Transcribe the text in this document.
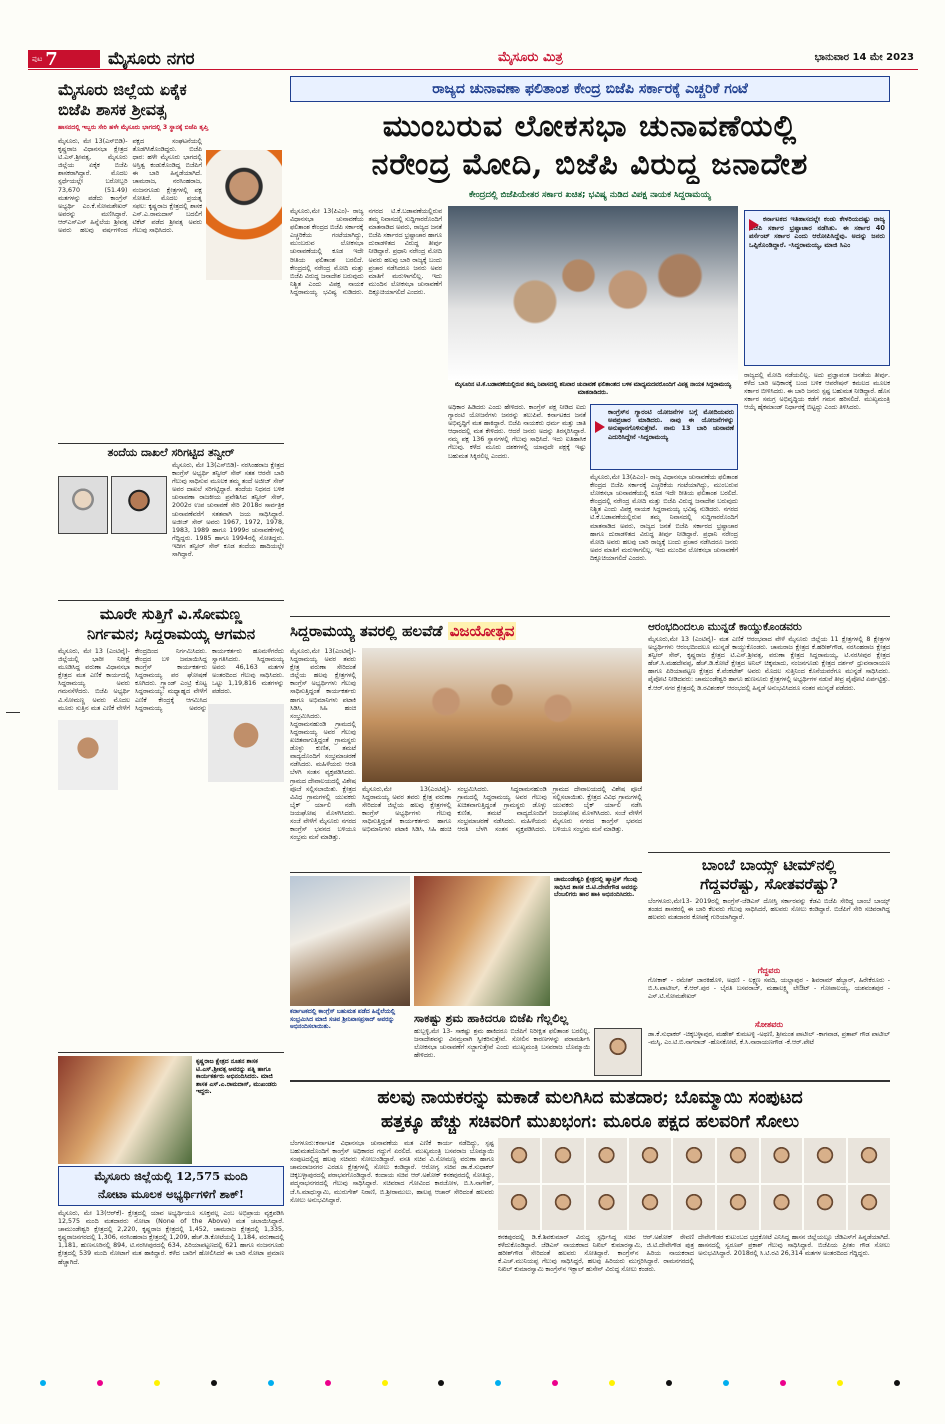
ಪುಟ 7	ಮೈಸೂರು ನಗರ	ಮೈಸೂರು ಮಿತ್ರ	ಭಾನುವಾರ 14 ಮೇ 2023
ಮೈಸೂರು ಜಿಲ್ಲೆಯ ಏಕೈಕ
ಬಿಜೆಪಿ ಶಾಸಕ ಶ್ರೀವತ್ಸ
ಹಾಸನದಲ್ಲಿ ಇಬ್ಬರು ಸೇರಿ ಹಳೇ ಮೈಸೂರು ಭಾಗದಲ್ಲಿ 3 ಸ್ಥಾನಕ್ಕೆ ಬಿಜೆಪಿ ತೃಪ್ತಿ
ಮೈಸೂರು, ಮೇ 13(ಎಸ್‌ಬಿಡಿ)- ಕೃಷ್ಣರಾಜ ವಿಧಾನಸಭಾ ಕ್ಷೇತ್ರದ ಟಿ.ಎಸ್.ಶ್ರೀವತ್ಸ, ಮೈಸೂರು ಜಿಲ್ಲೆಯ ಏಕೈಕ ಬಿಜೆಪಿ ಶಾಸಕರಾಗಿದ್ದಾರೆ. ಮೊದಲ ಸ್ಪರ್ಧೆಯಲ್ಲೇ ಬರೋಬ್ಬರಿ 73,670 (51.49) ಮತಗಳನ್ನು ಪಡೆದು ಕಾಂಗ್ರೆಸ್ ಅಭ್ಯರ್ಥಿ ಎಂ.ಕೆ.ಸೋಮಶೇಖರ್ ಅವರನ್ನು ಮಣಿಸಿದ್ದಾರೆ. ಆರ್‌ಎಸ್‌ಎಸ್ ಹಿನ್ನೆಲೆಯ ಶ್ರೀವತ್ಸ ಅವರು ಹಲವು ವರ್ಷಗಳಿಂದ ಪಕ್ಷದ ಸಂಘಟನೆಯಲ್ಲಿ ತೊಡಗಿಸಿಕೊಂಡಿದ್ದರು. ಬಿಜೆಪಿ ಧಾರ: ಹಳೇ ಮೈಸೂರು ಭಾಗದಲ್ಲಿ ಅಸ್ತಿತ್ವ ಕಂಡುಕೊಂಡಿದ್ದ ಬಿಜೆಪಿಗೆ ಈ ಬಾರಿ ಹಿನ್ನಡೆಯಾಗಿದೆ. ಚಾಮರಾಜ, ನರಸಿಂಹರಾಜ, ನಂಜನಗೂಡು ಕ್ಷೇತ್ರಗಳಲ್ಲಿ ಪಕ್ಷ ಸೋತಿದೆ. ಮೊದಲ ಪ್ರಯತ್ನ ಸಫಲ: ಕೃಷ್ಣರಾಜ ಕ್ಷೇತ್ರದಲ್ಲಿ ಶಾಸಕ ಎಸ್.ಎ.ರಾಮದಾಸ್ ಬದಲಿಗೆ ಟಿಕೆಟ್ ಪಡೆದ ಶ್ರೀವತ್ಸ ಅವರು ಗೆಲುವು ಸಾಧಿಸಿದರು.
ತಂದೆಯ ದಾಖಲೆ ಸರಿಗಟ್ಟಿದ ತನ್ವೀರ್
ಮೈಸೂರು, ಮೇ 13(ಎಸ್‌ಬಿಡಿ)- ನರಸಿಂಹರಾಜ ಕ್ಷೇತ್ರದ ಕಾಂಗ್ರೆಸ್ ಅಭ್ಯರ್ಥಿ ತನ್ವೀರ್ ಸೇಠ್ ಸತತ ಆರನೇ ಬಾರಿ ಗೆಲುವು ಸಾಧಿಸುವ ಮೂಲಕ ತಮ್ಮ ತಂದೆ ಅಜೀಜ್ ಸೇಠ್ ಅವರ ದಾಖಲೆ ಸರಿಗಟ್ಟಿದ್ದಾರೆ. ತಂದೆಯ ನಿಧನದ ಬಳಿಕ ಚುನಾವಣಾ ರಾಜಕೀಯ ಪ್ರವೇಶಿಸಿದ ತನ್ವೀರ್ ಸೇಠ್, 2002ರ ಉಪ ಚುನಾವಣೆ ಸೇರಿ 2018ರ ಸಾರ್ವತ್ರಿಕ ಚುನಾವಣೆವರೆಗೆ ಸತತವಾಗಿ ಜಯ ಸಾಧಿಸಿದ್ದಾರೆ. ಅಜೀಜ್ ಸೇಠ್ ಅವರು 1967, 1972, 1978, 1983, 1989 ಹಾಗೂ 1999ರ ಚುನಾವಣೆಗಳಲ್ಲಿ ಗೆದ್ದಿದ್ದರು. 1985 ಹಾಗೂ 1994ರಲ್ಲಿ ಸೋತಿದ್ದರು. ಇದೀಗ ತನ್ವೀರ್ ಸೇಠ್ ಕೂಡ ತಂದೆಯ ಹಾದಿಯಲ್ಲೇ ಸಾಗಿದ್ದಾರೆ.
ಮೂರೇ ಸುತ್ತಿಗೆ ವಿ.ಸೋಮಣ್ಣ
ನಿರ್ಗಮನ; ಸಿದ್ದರಾಮಯ್ಯ ಆಗಮನ
ಮೈಸೂರು, ಮೇ 13 (ಎಂಟಿವೈ)- ಜಿಲ್ಲೆಯಲ್ಲಿ ಭಾರೀ ನಿರೀಕ್ಷೆ ಮೂಡಿಸಿದ್ದ ವರುಣಾ ವಿಧಾನಸಭಾ ಕ್ಷೇತ್ರದ ಮತ ಎಣಿಕೆ ಕಾರ್ಯದಲ್ಲಿ ಸಿದ್ದರಾಮಯ್ಯ ಅವರು ಗಮನಸೆಳೆದರು. ಬಿಜೆಪಿ ಅಭ್ಯರ್ಥಿ ವಿ.ಸೋಮಣ್ಣ ಅವರು ಮೊದಲ ಮೂರು ಸುತ್ತಿನ ಮತ ಎಣಿಕೆ ವೇಳೆಗೆ ಕೇಂದ್ರದಿಂದ ನಿರ್ಗಮಿಸಿದರು. ಕೇಂದ್ರದ ಬಳಿ ಜಮಾಯಿಸಿದ್ದ ಕಾಂಗ್ರೆಸ್ ಕಾರ್ಯಕರ್ತರು ಸಿದ್ದರಾಮಯ್ಯ ಪರ ಘೋಷಣೆ ಕೂಗಿದರು. ಗ್ರ್ಯಾಂಡ್ ಎಂಟ್ರಿ ಕೊಟ್ಟ ಸಿದ್ದರಾಮಯ್ಯ: ಮಧ್ಯಾಹ್ನದ ವೇಳೆಗೆ ಎಣಿಕೆ ಕೇಂದ್ರಕ್ಕೆ ಆಗಮಿಸಿದ ಸಿದ್ದರಾಮಯ್ಯ ಅವರನ್ನು ಕಾರ್ಯಕರ್ತರು ಹೂಮಳೆಗರೆದು ಸ್ವಾಗತಿಸಿದರು. ಸಿದ್ದರಾಮಯ್ಯ ಅವರು 46,163 ಮತಗಳ ಅಂತರದಿಂದ ಗೆಲುವು ಸಾಧಿಸಿದರು. ಒಟ್ಟು 1,19,816 ಮತಗಳನ್ನು ಪಡೆದರು.
ಕೃಷ್ಣರಾಜ ಕ್ಷೇತ್ರದ ನೂತನ ಶಾಸಕ ಟಿ.ಎಸ್.ಶ್ರೀವತ್ಸ ಅವರನ್ನು ಪತ್ನಿ ಹಾಗೂ ಕಾರ್ಯಕರ್ತರು ಅಭಿನಂದಿಸಿದರು. ಮಾಜಿ ಶಾಸಕ ಎಸ್.ಎ.ರಾಮದಾಸ್, ಮುಖಂಡರು ಇದ್ದರು.
ಮೈಸೂರು ಜಿಲ್ಲೆಯಲ್ಲಿ 12,575 ಮಂದಿ
ನೋಟಾ ಮೂಲಕ ಅಭ್ಯರ್ಥಿಗಳಿಗೆ ಶಾಕ್!
ಮೈಸೂರು, ಮೇ 13(ಆರ್‌ಕೆ)- ಕ್ಷೇತ್ರದಲ್ಲಿ ಯಾವ ಅಭ್ಯರ್ಥಿಯೂ ಸೂಕ್ತವಲ್ಲ ಎಂಬ ಅಭಿಪ್ರಾಯ ವ್ಯಕ್ತಪಡಿಸಿ 12,575 ಮಂದಿ ಮತದಾರರು ನೋಟಾ (None of the Above) ಮತ ಚಲಾಯಿಸಿದ್ದಾರೆ. ಚಾಮುಂಡೇಶ್ವರಿ ಕ್ಷೇತ್ರದಲ್ಲಿ 2,220, ಕೃಷ್ಣರಾಜ ಕ್ಷೇತ್ರದಲ್ಲಿ 1,452, ಚಾಮರಾಜ ಕ್ಷೇತ್ರದಲ್ಲಿ 1,335, ಕೃಷ್ಣರಾಜನಗರದಲ್ಲಿ 1,306, ನರಸಿಂಹರಾಜ ಕ್ಷೇತ್ರದಲ್ಲಿ 1,209, ಹೆಚ್.ಡಿ.ಕೋಟೆಯಲ್ಲಿ 1,184, ವರುಣಾದಲ್ಲಿ 1,181, ಹುಣಸೂರಿನಲ್ಲಿ 894, ಟಿ.ನರಸೀಪುರದಲ್ಲಿ 634, ಪಿರಿಯಾಪಟ್ಟಣದಲ್ಲಿ 621 ಹಾಗೂ ನಂಜನಗೂಡು ಕ್ಷೇತ್ರದಲ್ಲಿ 539 ಮಂದಿ ನೋಟಾಗೆ ಮತ ಹಾಕಿದ್ದಾರೆ. ಕಳೆದ ಬಾರಿಗೆ ಹೋಲಿಸಿದರೆ ಈ ಬಾರಿ ನೋಟಾ ಪ್ರಮಾಣ ಹೆಚ್ಚಾಗಿದೆ.
ರಾಜ್ಯದ ಚುನಾವಣಾ ಫಲಿತಾಂಶ ಕೇಂದ್ರ ಬಿಜೆಪಿ ಸರ್ಕಾರಕ್ಕೆ ಎಚ್ಚರಿಕೆ ಗಂಟೆ
ಮುಂಬರುವ ಲೋಕಸಭಾ ಚುನಾವಣೆಯಲ್ಲಿ
ನರೇಂದ್ರ ಮೋದಿ, ಬಿಜೆಪಿ ವಿರುದ್ಧ ಜನಾದೇಶ
ಕೇಂದ್ರದಲ್ಲಿ ಬಿಜೆಪಿಯೇತರ ಸರ್ಕಾರ ಖಚಿತ; ಭವಿಷ್ಯ ನುಡಿದ ವಿಪಕ್ಷ ನಾಯಕ ಸಿದ್ದರಾಮಯ್ಯ
ಮೈಸೂರು,ಮೇ 13(ಪಿಎಂ)- ರಾಜ್ಯ ವಿಧಾನಸಭಾ ಚುನಾವಣೆಯ ಫಲಿತಾಂಶ ಕೇಂದ್ರದ ಬಿಜೆಪಿ ಸರ್ಕಾರಕ್ಕೆ ಎಚ್ಚರಿಕೆಯ ಗಂಟೆಯಾಗಿದ್ದು, ಮುಂಬರುವ ಲೋಕಸಭಾ ಚುನಾವಣೆಯಲ್ಲಿ ಕೂಡ ಇದೇ ರೀತಿಯ ಫಲಿತಾಂಶ ಬರಲಿದೆ. ಕೇಂದ್ರದಲ್ಲಿ ನರೇಂದ್ರ ಮೋದಿ ಮತ್ತು ಬಿಜೆಪಿ ವಿರುದ್ಧ ಜನಾದೇಶ ಬರುವುದು ನಿಶ್ಚಿತ ಎಂದು ವಿಪಕ್ಷ ನಾಯಕ ಸಿದ್ದರಾಮಯ್ಯ ಭವಿಷ್ಯ ನುಡಿದರು. ನಗರದ ಟಿ.ಕೆ.ಬಡಾವಣೆಯಲ್ಲಿರುವ ತಮ್ಮ ನಿವಾಸದಲ್ಲಿ ಸುದ್ದಿಗಾರರೊಂದಿಗೆ ಮಾತನಾಡಿದ ಅವರು, ರಾಜ್ಯದ ಜನತೆ ಬಿಜೆಪಿ ಸರ್ಕಾರದ ಭ್ರಷ್ಟಾಚಾರ ಹಾಗೂ ದುರಾಡಳಿತದ ವಿರುದ್ಧ ತೀರ್ಪು ನೀಡಿದ್ದಾರೆ. ಪ್ರಧಾನಿ ನರೇಂದ್ರ ಮೋದಿ ಅವರು ಹಲವು ಬಾರಿ ರಾಜ್ಯಕ್ಕೆ ಬಂದು ಪ್ರಚಾರ ನಡೆಸಿದರೂ ಜನರು ಅವರ ಮಾತಿಗೆ ಮರುಳಾಗಲಿಲ್ಲ. ಇದು ಮುಂದಿನ ಲೋಕಸಭಾ ಚುನಾವಣೆಗೆ ದಿಕ್ಸೂಚಿಯಾಗಲಿದೆ ಎಂದರು.
ಮೈಸೂರಿನ ಟಿ.ಕೆ.ಬಡಾವಣೆಯಲ್ಲಿರುವ ತಮ್ಮ ನಿವಾಸದಲ್ಲಿ ಶನಿವಾರ ಚುನಾವಣೆ ಫಲಿತಾಂಶದ ಬಳಿಕ ಮಾಧ್ಯಮದವರೊಂದಿಗೆ ವಿಪಕ್ಷ ನಾಯಕ ಸಿದ್ದರಾಮಯ್ಯ ಮಾತನಾಡಿದರು.
ಕರ್ನಾಟಕದ ಇತಿಹಾಸದಲ್ಲೇ ಕಂಡು ಕೇಳರಿಯದಷ್ಟು ರಾಜ್ಯ ಬಿಜೆಪಿ ಸರ್ಕಾರ ಭ್ರಷ್ಟಾಚಾರ ನಡೆಸಿತು. ಈ ಸರ್ಕಾರ 40 ಪರ್ಸೆಂಟ್ ಸರ್ಕಾರ ಎಂದು ಆರೋಪಿಸಿದ್ದೆವು. ಅದನ್ನು ಜನರು ಒಪ್ಪಿಕೊಂಡಿದ್ದಾರೆ. -ಸಿದ್ದರಾಮಯ್ಯ, ಮಾಜಿ ಸಿಎಂ
ಅಧಿಕಾರ ಹಿಡಿದರು ಎಂದು ಹೇಳಿದರು. ಕಾಂಗ್ರೆಸ್ ಪಕ್ಷ ನೀಡಿದ ಐದು ಗ್ಯಾರಂಟಿ ಯೋಜನೆಗಳು ಜನರನ್ನು ತಲುಪಿವೆ. ಕರ್ನಾಟಕದ ಜನತೆ ಅಭಿವೃದ್ಧಿಗೆ ಮತ ಹಾಕಿದ್ದಾರೆ. ಬಿಜೆಪಿ ನಾಯಕರು ಧರ್ಮ ಮತ್ತು ಜಾತಿ ಆಧಾರದಲ್ಲಿ ಮತ ಕೇಳಿದರು. ಆದರೆ ಜನರು ಅದನ್ನು ತಿರಸ್ಕರಿಸಿದ್ದಾರೆ. ನಮ್ಮ ಪಕ್ಷ 136 ಸ್ಥಾನಗಳಲ್ಲಿ ಗೆಲುವು ಸಾಧಿಸಿದೆ. ಇದು ಐತಿಹಾಸಿಕ ಗೆಲುವು. ಕಳೆದ ಮೂರು ದಶಕಗಳಲ್ಲಿ ಯಾವುದೇ ಪಕ್ಷಕ್ಕೆ ಇಷ್ಟು ಬಹುಮತ ಸಿಕ್ಕಿರಲಿಲ್ಲ ಎಂದರು.
ಕಾಂಗ್ರೆಸ್‌ನ ಗ್ಯಾರಂಟಿ ಯೋಜನೆಗಳ ಬಗ್ಗೆ ಮೋದಿಯವರು ಅಪಪ್ರಚಾರ ಮಾಡಿದರು. ನಾವು ಈ ಯೋಜನೆಗಳನ್ನು ಅನುಷ್ಠಾನಗೊಳಿಸುತ್ತೇವೆ. ನಾನು 13 ಬಾರಿ ಚುನಾವಣೆ ಎದುರಿಸಿದ್ದೇನೆ -ಸಿದ್ದರಾಮಯ್ಯ
ಮೈಸೂರು,ಮೇ 13(ಪಿಎಂ)- ರಾಜ್ಯ ವಿಧಾನಸಭಾ ಚುನಾವಣೆಯ ಫಲಿತಾಂಶ ಕೇಂದ್ರದ ಬಿಜೆಪಿ ಸರ್ಕಾರಕ್ಕೆ ಎಚ್ಚರಿಕೆಯ ಗಂಟೆಯಾಗಿದ್ದು, ಮುಂಬರುವ ಲೋಕಸಭಾ ಚುನಾವಣೆಯಲ್ಲಿ ಕೂಡ ಇದೇ ರೀತಿಯ ಫಲಿತಾಂಶ ಬರಲಿದೆ. ಕೇಂದ್ರದಲ್ಲಿ ನರೇಂದ್ರ ಮೋದಿ ಮತ್ತು ಬಿಜೆಪಿ ವಿರುದ್ಧ ಜನಾದೇಶ ಬರುವುದು ನಿಶ್ಚಿತ ಎಂದು ವಿಪಕ್ಷ ನಾಯಕ ಸಿದ್ದರಾಮಯ್ಯ ಭವಿಷ್ಯ ನುಡಿದರು. ನಗರದ ಟಿ.ಕೆ.ಬಡಾವಣೆಯಲ್ಲಿರುವ ತಮ್ಮ ನಿವಾಸದಲ್ಲಿ ಸುದ್ದಿಗಾರರೊಂದಿಗೆ ಮಾತನಾಡಿದ ಅವರು, ರಾಜ್ಯದ ಜನತೆ ಬಿಜೆಪಿ ಸರ್ಕಾರದ ಭ್ರಷ್ಟಾಚಾರ ಹಾಗೂ ದುರಾಡಳಿತದ ವಿರುದ್ಧ ತೀರ್ಪು ನೀಡಿದ್ದಾರೆ. ಪ್ರಧಾನಿ ನರೇಂದ್ರ ಮೋದಿ ಅವರು ಹಲವು ಬಾರಿ ರಾಜ್ಯಕ್ಕೆ ಬಂದು ಪ್ರಚಾರ ನಡೆಸಿದರೂ ಜನರು ಅವರ ಮಾತಿಗೆ ಮರುಳಾಗಲಿಲ್ಲ. ಇದು ಮುಂದಿನ ಲೋಕಸಭಾ ಚುನಾವಣೆಗೆ ದಿಕ್ಸೂಚಿಯಾಗಲಿದೆ ಎಂದರು.
ರಾಜ್ಯದಲ್ಲಿ ಮೋದಿ ನಡೆಯಲಿಲ್ಲ. ಅದು ಪ್ರಜ್ಞಾವಂತ ಜನತೆಯ ತೀರ್ಪು. ಕಳೆದ ಬಾರಿ ಅಧಿಕಾರಕ್ಕೆ ಬಂದ ಬಳಿಕ ಆಪರೇಷನ್ ಕಮಲದ ಮೂಲಕ ಸರ್ಕಾರ ಬೀಳಿಸಿದರು. ಈ ಬಾರಿ ಜನರು ಸ್ಪಷ್ಟ ಬಹುಮತ ನೀಡಿದ್ದಾರೆ. ಹೊಸ ಸರ್ಕಾರ ಸಮಗ್ರ ಅಭಿವೃದ್ಧಿಯ ಕಡೆಗೆ ಗಮನ ಹರಿಸಲಿದೆ. ಮುಖ್ಯಮಂತ್ರಿ ಆಯ್ಕೆ ಹೈಕಮಾಂಡ್ ನಿರ್ಧಾರಕ್ಕೆ ಬಿಟ್ಟದ್ದು ಎಂದು ತಿಳಿಸಿದರು.
ಸಿದ್ದರಾಮಯ್ಯ ತವರಲ್ಲಿ ಹಲವೆಡೆ ವಿಜಯೋತ್ಸವ
ಮೈಸೂರು,ಮೇ 13(ಎಂಟಿವೈ)- ಸಿದ್ದರಾಮಯ್ಯ ಅವರ ತವರು ಕ್ಷೇತ್ರ ವರುಣಾ ಸೇರಿದಂತೆ ಜಿಲ್ಲೆಯ ಹಲವು ಕ್ಷೇತ್ರಗಳಲ್ಲಿ ಕಾಂಗ್ರೆಸ್ ಅಭ್ಯರ್ಥಿಗಳು ಗೆಲುವು ಸಾಧಿಸುತ್ತಿದ್ದಂತೆ ಕಾರ್ಯಕರ್ತರು ಹಾಗೂ ಅಭಿಮಾನಿಗಳು ಪಟಾಕಿ ಸಿಡಿಸಿ, ಸಿಹಿ ಹಂಚಿ ಸಂಭ್ರಮಿಸಿದರು. ಸಿದ್ದರಾಮನಹುಂಡಿ ಗ್ರಾಮದಲ್ಲಿ ಸಿದ್ದರಾಮಯ್ಯ ಅವರ ಗೆಲುವು ಖಚಿತವಾಗುತ್ತಿದ್ದಂತೆ ಗ್ರಾಮಸ್ಥರು ಡೊಳ್ಳು ಕುಣಿತ, ತಮಟೆ ವಾದ್ಯದೊಂದಿಗೆ ಸಂಭ್ರಮಾಚರಣೆ ನಡೆಸಿದರು. ಮಹಿಳೆಯರು ಆರತಿ ಬೆಳಗಿ ಸಂತಸ ವ್ಯಕ್ತಪಡಿಸಿದರು. ಗ್ರಾಮದ ದೇವಾಲಯದಲ್ಲಿ ವಿಶೇಷ ಪೂಜೆ ಸಲ್ಲಿಸಲಾಯಿತು. ಕ್ಷೇತ್ರದ ವಿವಿಧ ಗ್ರಾಮಗಳಲ್ಲಿ ಯುವಕರು ಬೈಕ್ ರ್ಯಾಲಿ ನಡೆಸಿ ಜಯಘೋಷ ಮೊಳಗಿಸಿದರು. ಸಂಜೆ ವೇಳೆಗೆ ಮೈಸೂರು ನಗರದ ಕಾಂಗ್ರೆಸ್ ಭವನದ ಬಳಿಯೂ ಸಂಭ್ರಮ ಮನೆ ಮಾಡಿತ್ತು.
ಮೈಸೂರು,ಮೇ 13(ಎಂಟಿವೈ)- ಸಿದ್ದರಾಮಯ್ಯ ಅವರ ತವರು ಕ್ಷೇತ್ರ ವರುಣಾ ಸೇರಿದಂತೆ ಜಿಲ್ಲೆಯ ಹಲವು ಕ್ಷೇತ್ರಗಳಲ್ಲಿ ಕಾಂಗ್ರೆಸ್ ಅಭ್ಯರ್ಥಿಗಳು ಗೆಲುವು ಸಾಧಿಸುತ್ತಿದ್ದಂತೆ ಕಾರ್ಯಕರ್ತರು ಹಾಗೂ ಅಭಿಮಾನಿಗಳು ಪಟಾಕಿ ಸಿಡಿಸಿ, ಸಿಹಿ ಹಂಚಿ ಸಂಭ್ರಮಿಸಿದರು. ಸಿದ್ದರಾಮನಹುಂಡಿ ಗ್ರಾಮದಲ್ಲಿ ಸಿದ್ದರಾಮಯ್ಯ ಅವರ ಗೆಲುವು ಖಚಿತವಾಗುತ್ತಿದ್ದಂತೆ ಗ್ರಾಮಸ್ಥರು ಡೊಳ್ಳು ಕುಣಿತ, ತಮಟೆ ವಾದ್ಯದೊಂದಿಗೆ ಸಂಭ್ರಮಾಚರಣೆ ನಡೆಸಿದರು. ಮಹಿಳೆಯರು ಆರತಿ ಬೆಳಗಿ ಸಂತಸ ವ್ಯಕ್ತಪಡಿಸಿದರು. ಗ್ರಾಮದ ದೇವಾಲಯದಲ್ಲಿ ವಿಶೇಷ ಪೂಜೆ ಸಲ್ಲಿಸಲಾಯಿತು. ಕ್ಷೇತ್ರದ ವಿವಿಧ ಗ್ರಾಮಗಳಲ್ಲಿ ಯುವಕರು ಬೈಕ್ ರ್ಯಾಲಿ ನಡೆಸಿ ಜಯಘೋಷ ಮೊಳಗಿಸಿದರು. ಸಂಜೆ ವೇಳೆಗೆ ಮೈಸೂರು ನಗರದ ಕಾಂಗ್ರೆಸ್ ಭವನದ ಬಳಿಯೂ ಸಂಭ್ರಮ ಮನೆ ಮಾಡಿತ್ತು.
ಚಾಮುಂಡೇಶ್ವರಿ ಕ್ಷೇತ್ರದಲ್ಲಿ ಹ್ಯಾಟ್ರಿಕ್ ಗೆಲುವು ಸಾಧಿಸಿದ ಶಾಸಕ ಜಿ.ಟಿ.ದೇವೇಗೌಡ ಅವರನ್ನು ಬೆಂಬಲಿಗರು ಹಾರ ಹಾಕಿ ಅಭಿನಂದಿಸಿದರು.
ಕರ್ನಾಟಕದಲ್ಲಿ ಕಾಂಗ್ರೆಸ್ ಬಹುಮತ ಪಡೆದ ಹಿನ್ನೆಲೆಯಲ್ಲಿ ಸಂಭ್ರಮಿಸಿದ ಮಾಜಿ ಸಚಿವ ಶ್ರೀನಿವಾಸಪ್ರಸಾದ್ ಅವರನ್ನು ಅಭಿನಂದಿಸಲಾಯಿತು.
ಸಾಕಷ್ಟು ಶ್ರಮ ಹಾಕಿದರೂ ಬಿಜೆಪಿ ಗೆಲ್ಲಲಿಲ್ಲ
ಹುಬ್ಬಳ್ಳಿ,ಮೇ 13- ಸಾಕಷ್ಟು ಶ್ರಮ ಹಾಕಿದರೂ ಬಿಜೆಪಿಗೆ ನಿರೀಕ್ಷಿತ ಫಲಿತಾಂಶ ಬರಲಿಲ್ಲ. ಜನಾದೇಶವನ್ನು ವಿನಮ್ರವಾಗಿ ಸ್ವೀಕರಿಸುತ್ತೇವೆ. ಸೋಲಿನ ಕಾರಣಗಳನ್ನು ಪರಾಮರ್ಶಿಸಿ ಲೋಕಸಭಾ ಚುನಾವಣೆಗೆ ಸಜ್ಜಾಗುತ್ತೇವೆ ಎಂದು ಮುಖ್ಯಮಂತ್ರಿ ಬಸವರಾಜ ಬೊಮ್ಮಾಯಿ ಹೇಳಿದರು.
ಆರಂಭದಿಂದಲೂ ಮುನ್ನಡೆ ಕಾಯ್ದುಕೊಂಡವರು
ಮೈಸೂರು,ಮೇ 13 (ಎಂಟಿವೈ)- ಮತ ಎಣಿಕೆ ಆರಂಭವಾದ ವೇಳೆ ಮೈಸೂರು ಜಿಲ್ಲೆಯ 11 ಕ್ಷೇತ್ರಗಳಲ್ಲಿ 8 ಕ್ಷೇತ್ರಗಳ ಅಭ್ಯರ್ಥಿಗಳು ಆರಂಭದಿಂದಲೂ ಮುನ್ನಡೆ ಕಾಯ್ದುಕೊಂಡರು. ಚಾಮರಾಜ ಕ್ಷೇತ್ರದ ಕೆ.ಹರೀಶ್‌ಗೌಡ, ನರಸಿಂಹರಾಜ ಕ್ಷೇತ್ರದ ತನ್ವೀರ್ ಸೇಠ್, ಕೃಷ್ಣರಾಜ ಕ್ಷೇತ್ರದ ಟಿ.ಎಸ್.ಶ್ರೀವತ್ಸ, ವರುಣಾ ಕ್ಷೇತ್ರದ ಸಿದ್ದರಾಮಯ್ಯ, ಟಿ.ನರಸೀಪುರ ಕ್ಷೇತ್ರದ ಹೆಚ್.ಸಿ.ಮಹದೇವಪ್ಪ, ಹೆಚ್.ಡಿ.ಕೋಟೆ ಕ್ಷೇತ್ರದ ಅನಿಲ್ ಚಿಕ್ಕಮಾದು, ನಂಜನಗೂಡು ಕ್ಷೇತ್ರದ ದರ್ಶನ್ ಧ್ರುವನಾರಾಯಣ ಹಾಗೂ ಪಿರಿಯಾಪಟ್ಟಣ ಕ್ಷೇತ್ರದ ಕೆ.ವೆಂಕಟೇಶ್ ಅವರು ಮೊದಲ ಸುತ್ತಿನಿಂದ ಕೊನೆಯವರೆಗೂ ಮುನ್ನಡೆ ಸಾಧಿಸಿದರು. ಪೈಪೋಟಿ ನೀಡಿದವರು: ಚಾಮುಂಡೇಶ್ವರಿ ಹಾಗೂ ಹುಣಸೂರು ಕ್ಷೇತ್ರಗಳಲ್ಲಿ ಅಭ್ಯರ್ಥಿಗಳ ನಡುವೆ ತೀವ್ರ ಪೈಪೋಟಿ ಏರ್ಪಟ್ಟಿತ್ತು. ಕೆ.ಆರ್.ನಗರ ಕ್ಷೇತ್ರದಲ್ಲಿ ಡಿ.ರವಿಶಂಕರ್ ಆರಂಭದಲ್ಲಿ ಹಿನ್ನಡೆ ಅನುಭವಿಸಿದರೂ ನಂತರ ಮುನ್ನಡೆ ಪಡೆದರು.
ಬಾಂಬೆ ಬಾಯ್ಸ್ ಟೀಮ್‌ನಲ್ಲಿ
ಗೆದ್ದವರೆಷ್ಟು, ಸೋತವರೆಷ್ಟು?
ಬೆಂಗಳೂರು,ಮೇ13- 2019ರಲ್ಲಿ ಕಾಂಗ್ರೆಸ್-ಜೆಡಿಎಸ್ ದೋಸ್ತಿ ಸರ್ಕಾರವನ್ನು ಕೆಡವಿ ಬಿಜೆಪಿ ಸೇರಿದ್ದ ಬಾಂಬೆ ಬಾಯ್ಸ್ ತಂಡದ ಶಾಸಕರಲ್ಲಿ ಈ ಬಾರಿ ಕೆಲವರು ಗೆಲುವು ಸಾಧಿಸಿದರೆ, ಹಲವರು ಸೋಲು ಕಂಡಿದ್ದಾರೆ. ಬಿಜೆಪಿಗೆ ಸೇರಿ ಸಚಿವರಾಗಿದ್ದ ಹಲವರು ಮತದಾರರ ಕೋಪಕ್ಕೆ ಗುರಿಯಾಗಿದ್ದಾರೆ.
ಗೆದ್ದವರು
ಗೋಕಾಕ್ - ರಮೇಶ್ ಜಾರಕಿಹೊಳಿ, ಅಥಣಿ - ಲಕ್ಷ್ಮಣ ಸವದಿ, ಯಲ್ಲಾಪುರ - ಶಿವರಾಮ್ ಹೆಬ್ಬಾರ್, ಹಿರೇಕೆರೂರು - ಬಿ.ಸಿ.ಪಾಟೀಲ್, ಕೆ.ಆರ್.ಪುರ - ಬೈರತಿ ಬಸವರಾಜ್, ಮಹಾಲಕ್ಷ್ಮಿ ಲೇಔಟ್ - ಗೋಪಾಲಯ್ಯ, ಯಶವಂತಪುರ - ಎಸ್.ಟಿ.ಸೋಮಶೇಖರ್
ಸೋತವರು
ಡಾ.ಕೆ.ಸುಧಾಕರ್ -ಚಿಕ್ಕಬಳ್ಳಾಪುರ, ಮಹೇಶ್ ಕುಮಟಳ್ಳಿ -ಅಥಣಿ, ಶ್ರೀಮಂತ ಪಾಟೀಲ್ -ಕಾಗವಾಡ, ಪ್ರತಾಪ್ ಗೌಡ ಪಾಟೀಲ್ -ಮಸ್ಕಿ, ಎಂ.ಟಿ.ಬಿ.ನಾಗರಾಜ್ -ಹೊಸಕೋಟೆ, ಕೆ.ಸಿ.ನಾರಾಯಣಗೌಡ -ಕೆ.ಆರ್.ಪೇಟೆ
ಹಲವು ನಾಯಕರನ್ನು ಮಕಾಡೆ ಮಲಗಿಸಿದ ಮತದಾರ; ಬೊಮ್ಮಾಯಿ ಸಂಪುಟದ
ಹತ್ತಕ್ಕೂ ಹೆಚ್ಚು ಸಚಿವರಿಗೆ ಮುಖಭಂಗ: ಮೂರೂ ಪಕ್ಷದ ಹಲವರಿಗೆ ಸೋಲು
ಬೆಂಗಳೂರು:ಕರ್ನಾಟಕ ವಿಧಾನಸಭಾ ಚುನಾವಣೆಯ ಮತ ಎಣಿಕೆ ಕಾರ್ಯ ನಡೆದಿದ್ದು, ಸ್ಪಷ್ಟ ಬಹುಮತದೊಂದಿಗೆ ಕಾಂಗ್ರೆಸ್ ಅಧಿಕಾರದ ಗದ್ದುಗೆ ಏರಲಿದೆ. ಮುಖ್ಯಮಂತ್ರಿ ಬಸವರಾಜ ಬೊಮ್ಮಾಯಿ ಸಂಪುಟದಲ್ಲಿದ್ದ ಹಲವು ಸಚಿವರು ಸೋಲುಂಡಿದ್ದಾರೆ. ವಸತಿ ಸಚಿವ ವಿ.ಸೋಮಣ್ಣ ವರುಣಾ ಹಾಗೂ ಚಾಮರಾಜನಗರ ಎರಡೂ ಕ್ಷೇತ್ರಗಳಲ್ಲಿ ಸೋಲು ಕಂಡಿದ್ದಾರೆ. ಆರೋಗ್ಯ ಸಚಿವ ಡಾ.ಕೆ.ಸುಧಾಕರ್ ಚಿಕ್ಕಬಳ್ಳಾಪುರದಲ್ಲಿ ಪರಾಭವಗೊಂಡಿದ್ದಾರೆ. ಕಂದಾಯ ಸಚಿವ ಆರ್.ಅಶೋಕ್ ಕನಕಪುರದಲ್ಲಿ ಸೋತಿದ್ದು, ಪದ್ಮನಾಭನಗರದಲ್ಲಿ ಗೆಲುವು ಸಾಧಿಸಿದ್ದಾರೆ. ಸಚಿವರಾದ ಗೋವಿಂದ ಕಾರಜೋಳ, ಬಿ.ಸಿ.ನಾಗೇಶ್, ಜೆ.ಸಿ.ಮಾಧುಸ್ವಾಮಿ, ಮುರುಗೇಶ್ ನಿರಾಣಿ, ಬಿ.ಶ್ರೀರಾಮುಲು, ಹಾಲಪ್ಪ ಆಚಾರ್ ಸೇರಿದಂತೆ ಹಲವರು ಸೋಲು ಅನುಭವಿಸಿದ್ದಾರೆ.
ಕನಕಪುರದಲ್ಲಿ ಡಿ.ಕೆ.ಶಿವಕುಮಾರ್ ವಿರುದ್ಧ ಸ್ಪರ್ಧಿಸಿದ್ದ ಸಚಿವ ಆರ್.ಅಶೋಕ್ ಠೇವಣಿ ಕಳೆದುಕೊಂಡಿದ್ದಾರೆ. ಜೆಡಿಎಸ್ ನಾಯಕರಾದ ನಿಖಿಲ್ ಕುಮಾರಸ್ವಾಮಿ, ಜಿ.ಟಿ.ದೇವೇಗೌಡ ಪುತ್ರ ಹರೀಶ್‌ಗೌಡ ಸೇರಿದಂತೆ ಹಲವರು ಸೋತಿದ್ದಾರೆ. ಕಾಂಗ್ರೆಸ್‌ನ ಹಿರಿಯ ನಾಯಕರಾದ ಕೆ.ಎಚ್.ಮುನಿಯಪ್ಪ ಗೆಲುವು ಸಾಧಿಸಿದ್ದರೆ, ಹಲವು ಹಿರಿಯರು ಮುಗ್ಗರಿಸಿದ್ದಾರೆ. ರಾಮನಗರದಲ್ಲಿ ನಿಖಿಲ್ ಕುಮಾರಸ್ವಾಮಿ ಕಾಂಗ್ರೆಸ್‌ನ ಇಕ್ಬಾಲ್ ಹುಸೇನ್ ವಿರುದ್ಧ ಸೋಲು ಕಂಡರು.
ದೇವೇಗೌಡರ ಕುಟುಂಬದ ಭದ್ರಕೋಟೆ ಎನಿಸಿದ್ದ ಹಾಸನ ಜಿಲ್ಲೆಯಲ್ಲೂ ಜೆಡಿಎಸ್‌ಗೆ ಹಿನ್ನಡೆಯಾಗಿದೆ. ಹಾಸನದಲ್ಲಿ ಸ್ವರೂಪ್ ಪ್ರಕಾಶ್ ಗೆಲುವು ಸಾಧಿಸಿದ್ದಾರೆ. ಬಿಜೆಪಿಯ ಪ್ರೀತಂ ಗೌಡ ಸೋಲು ಅನುಭವಿಸಿದ್ದಾರೆ. 2018ರಲ್ಲಿ ಸಿ.ಟಿ.ರವಿ 26,314 ಮತಗಳ ಅಂತರದಿಂದ ಗೆದ್ದಿದ್ದರು.
